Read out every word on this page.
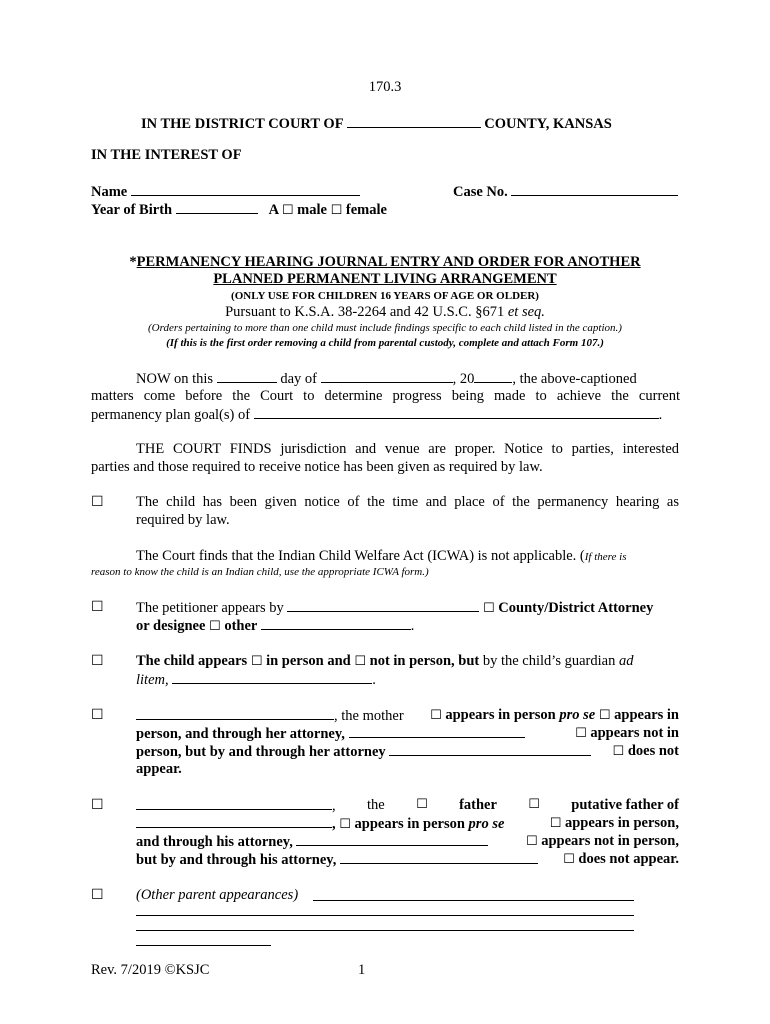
170.3
IN THE DISTRICT COURT OF	COUNTY, KANSAS
IN THE INTEREST OF
Name	Case No.
Year of Birth	A ☐ male ☐ female
*PERMANENCY HEARING JOURNAL ENTRY AND ORDER FOR ANOTHER
PLANNED PERMANENT LIVING ARRANGEMENT
(ONLY USE FOR CHILDREN 16 YEARS OF AGE OR OLDER)
Pursuant to K.S.A. 38-2264 and 42 U.S.C. §671 et seq.
(Orders pertaining to more than one child must include findings specific to each child listed in the caption.)
(If this is the first order removing a child from parental custody, complete and attach Form 107.)
NOW on this	day of	, 20	, the above-captioned
matters come before the Court to determine progress being made to achieve the current
permanency plan goal(s) of	.
THE COURT FINDS jurisdiction and venue are proper. Notice to parties, interested
parties and those required to receive notice has been given as required by law.
☐ The child has been given notice of the time and place of the permanency hearing as
required by law.
The Court finds that the Indian Child Welfare Act (ICWA) is not applicable. (If there is
reason to know the child is an Indian child, use the appropriate ICWA form.)
☐ The petitioner appears by	☐ County/District Attorney
or designee ☐ other	.
☐ The child appears ☐ in person and ☐ not in person, but by the child’s guardian ad
litem,	.
☐	, the mother ☐ appears in person pro se ☐ appears in
person, and through her attorney,	☐ appears not in
person, but by and through her attorney	☐ does not
appear.
☐	, the ☐ father ☐ putative father of
, ☐ appears in person pro se	☐ appears in person,
and through his attorney,	☐ appears not in person,
but by and through his attorney,	☐ does not appear.
☐ (Other parent appearances)
Rev. 7/2019 ©KSJC	1
